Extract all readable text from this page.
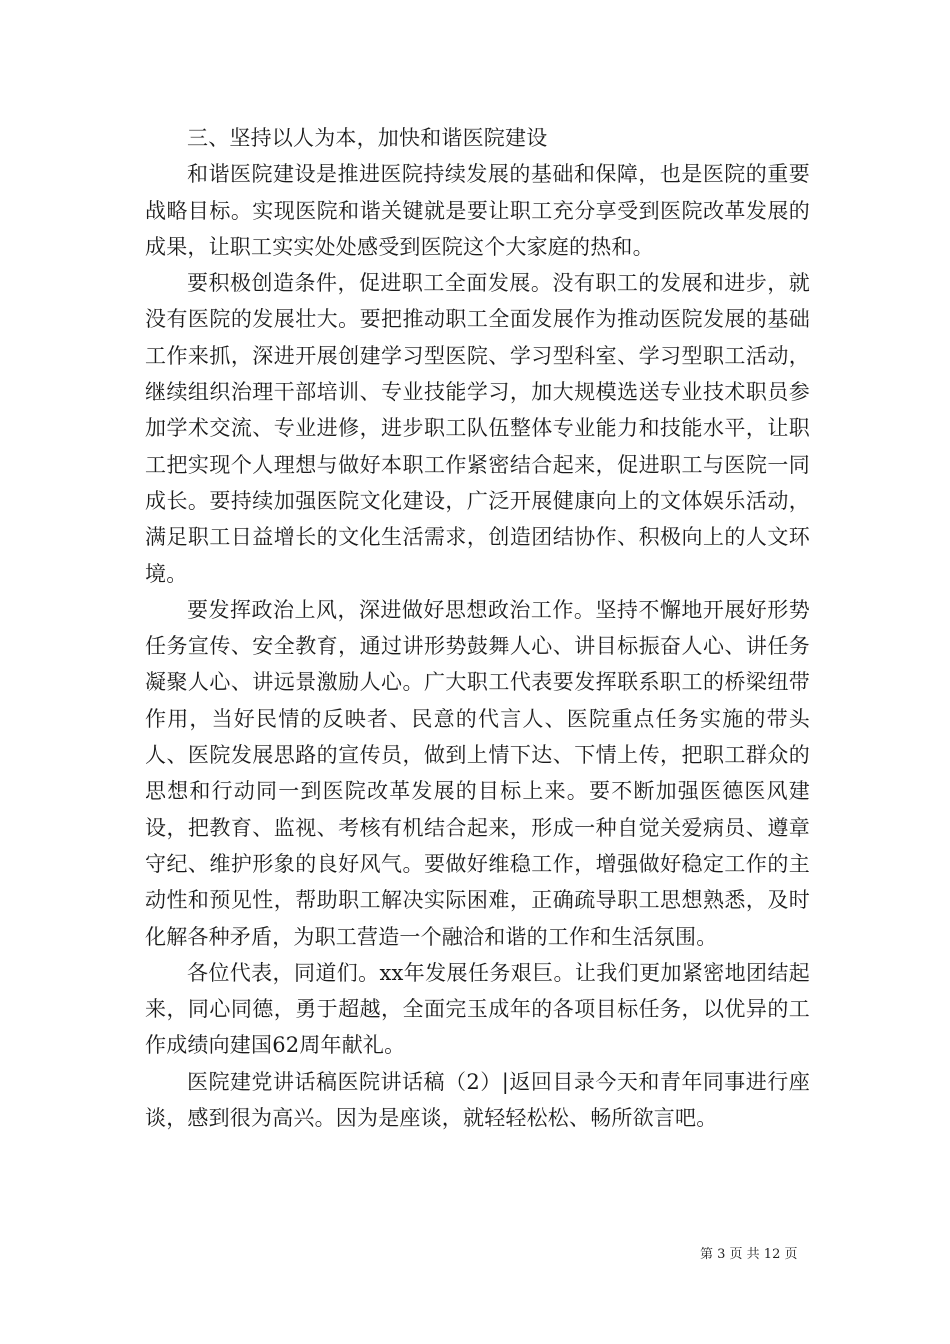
三、坚持以人为本，加快和谐医院建设

和谐医院建设是推进医院持续发展的基础和保障，也是医院的重要战略目标。实现医院和谐关键就是要让职工充分享受到医院改革发展的成果，让职工实实处处感受到医院这个大家庭的热和。

要积极创造条件，促进职工全面发展。没有职工的发展和进步，就没有医院的发展壮大。要把推动职工全面发展作为推动医院发展的基础工作来抓，深进开展创建学习型医院、学习型科室、学习型职工活动，继续组织治理干部培训、专业技能学习，加大规模选送专业技术职员参加学术交流、专业进修，进步职工队伍整体专业能力和技能水平，让职工把实现个人理想与做好本职工作紧密结合起来，促进职工与医院一同成长。要持续加强医院文化建设，广泛开展健康向上的文体娱乐活动，满足职工日益增长的文化生活需求，创造团结协作、积极向上的人文环境。

要发挥政治上风，深进做好思想政治工作。坚持不懈地开展好形势任务宣传、安全教育，通过讲形势鼓舞人心、讲目标振奋人心、讲任务凝聚人心、讲远景激励人心。广大职工代表要发挥联系职工的桥梁纽带作用，当好民情的反映者、民意的代言人、医院重点任务实施的带头人、医院发展思路的宣传员，做到上情下达、下情上传，把职工群众的思想和行动同一到医院改革发展的目标上来。要不断加强医德医风建设，把教育、监视、考核有机结合起来，形成一种自觉关爱病员、遵章守纪、维护形象的良好风气。要做好维稳工作，增强做好稳定工作的主动性和预见性，帮助职工解决实际困难，正确疏导职工思想熟悉，及时化解各种矛盾，为职工营造一个融洽和谐的工作和生活氛围。

各位代表，同道们。xx年发展任务艰巨。让我们更加紧密地团结起来，同心同德，勇于超越，全面完玉成年的各项目标任务，以优异的工作成绩向建国62周年献礼。

医院建党讲话稿医院讲话稿（2）|返回目录今天和青年同事进行座谈，感到很为高兴。因为是座谈，就轻轻松松、畅所欲言吧。

第 3 页 共 12 页
